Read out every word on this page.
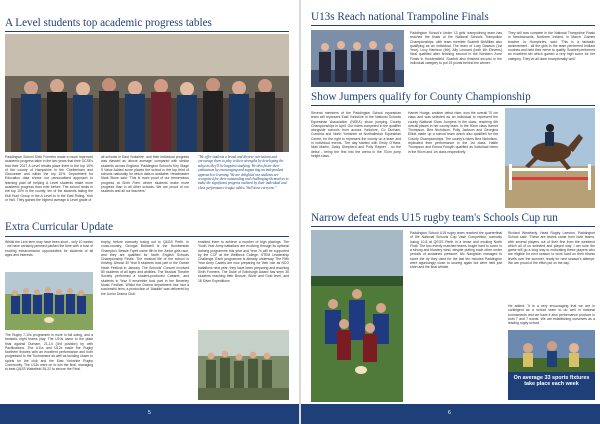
A Level students top academic progress tables

Paddington School Sixth Formers made a much improved academic progress table in the two years that their GCSEs that their 2017 A Level results place them in the top 10% of the county of Hampshire in the Cheltenham and Gloucester and within the top 10%. Department for Education data shows our personalised approach to learning paid off helping A Level students make more academic progress than ever before. The school ranks in the top 10% in the county; ten of the students taking the Hull Hunt Group in the A Level to in the East Riding, York or Hull. They gained the highest average A Level grade of

all schools in East Yorkshire, and their individual progress was classed as 'above average' compared with similar students across England. Paddington School's Key Stage 5 Value Added score places the school in the top third of schools nationally for which data is available. Headmaster Mark Stone said: 'This is more proof of our tremendous progress at Sixth Form where students make more progress than in all other schools. We are proud of our students and all our teachers.'

"We offer students a broad and diverse curriculum and encourage them to play to their strengths by developing the subjects they'll be happiest studying. We also foster their enthusiasm by encouraging and supporting an independent approach to learning. We are delighted our students are recognised for their outstanding and challenging themselves to make the significant progress outlined by their individual and class performance league tables. Well done everyone."

Extra Curricular Update

Whilst the Lent term may have been short - only 10 weeks - we have certainly jammed packed the time with a host of exciting extracurricular opportunities for students of all ages and interests.

The Rugby 7-10s programme is more in full swing, and a fantastic eight teams play. The U10s came to the plate final against Durham, 21-14 (3rd position) by with Pacifications. The U11s and U12s made the Rugby Northern fixtures with an excellent performance and both progressed to the Tournament as well as building closer to sports for the club and the East Yorkshire Rugby Community. The U13s went on to win the final, managing to beat Q&SS Wakefield 26-22 to secure the Final.

trophy, before narrowly losing out to Q&GS Perth. In cross-country, Georgia Bothwell is the Humberside Champion, Bessie Fryett came 9th in the Junior girls race, and they are qualified for North English Schools Championship Finals. The musical life of the school is thriving. Almost 30 Year 8 students took part in the Ocean Heart Festival in January. The Schools' Concert involved 80 students of all ages and abilities. The Musical Theatre Society performed a student-produced Cabaret, and students in Year 9 ensemble took part in the Beverley Music Festival. Whilst the Drama department has had a successful term, a production of 'Aladdin' was delivered by the Junior Drama Club.

enabled them to achieve a number of high placings. The Youth Year Army battalions are evolving through its optional training programme this year and Year 7s will be supported by the CCF at the Wellbeck College, STEM Leadership Challenge. Each programme is already underway. The Fifth Year Army Cadets are now preparing for their role as NCO battalions next year; they have been preparing and teaching Sixth Formers. The Duke of Edinburgh Award has seen 30 students reaching their Bronze, Silver and Gold level, and 18 Silver Expeditions.

5
U13s Reach national Trampoline Finals

Paddington School's Under 13 girls' trampolining team has reached the finals of the National Schools Trampoline Championships, with team member Scarlett McMillan also qualifying as an individual. The team of Lucy Dawson (1st Year), Lucy Harrison (4th), Ally Leonard (both 4th Elevens) Neal qualified after finishing second in the Northern Zone Finals in Huddersfield. Scarlett also finished second in the individual category to put 15 points behind the winner.

They will now compete in the National Trampoline Finals in Newtownards, Northern Ireland, in March. Games teacher Jo Humphries, said: 'This is a fantastic achievement - all the girls in the team performed brilliant routines and held their nerve to qualify. Scarlett performed an excellent set which gained a very high score for her category. They've all done exceptionally well.'

Show Jumpers qualify for County Championship

Several members of the Paddington School equestrian team will represent East Yorkshire in the National Schools Equestrian Association (NSEA) show jumping County Championships in April. Our riders competed in the qualifier alongside schools from across Yorkshire, Co Durham, Cumbria and North Yorkshire at Northallerton Equestrian Centre, for the right to represent the county on a team and in individual events. The day started with Emily O'Hara, Niall Martin, Daisy Shepherd and Polly Rayner - no the debut - being the first into the arena in the 70cm jump height class.

Harriet Hodge, another debut rider, won the overall 70 cm class and was selected as an individual to represent the county National Show Jumpers in the class, reaching 4th overall places in her county team. In the 90cm class Harriet Thompson, Bea Nicholson, Polly Jackson and Georgina Elliott made up a school team which also qualified for the County Championships. The county's riders Bea Nicholson, replicated their performance in the 1st class. Hattie Thompson and Emma Forsyth qualified as individual riders in the 90cm and 1m class respectively.

Narrow defeat ends U15 rugby team's Schools Cup run

Paddington School U15 rugby team reached the quarterfinal of the National Schools Cup Vase Competition, narrowly losing 10-8 at QEGS Perth in a tense and exciting North Final. The two evenly matched teams fought hard to score in a strong and blustery wind, despite putting each other under periods of sustained pressure. Nic Naughton managed to score the try they used for the last ten minutes Paddington were agonisingly close to scoring again but were held just short and the final whistle.

Richard Weatherly, Head Rugby Leeston, Paddington School said: 'These are teams came from both teams, with several players out of their first from the weekend which all of us selected and played way. I am sure the game will go a long way to motivating these players who are eligible for next season to work hard on their fitness levels over the summer, ready for next season's attempt. We are proud of the effort put on the day.'

He added: 'It is a very encouraging that we are in contingent as a school team to do well in national tournaments and we have it also performance produce in both 7 and 7 words. We are establishing ourselves as a leading rugby school.'

On average 33 sports fixtures take place each week
6
